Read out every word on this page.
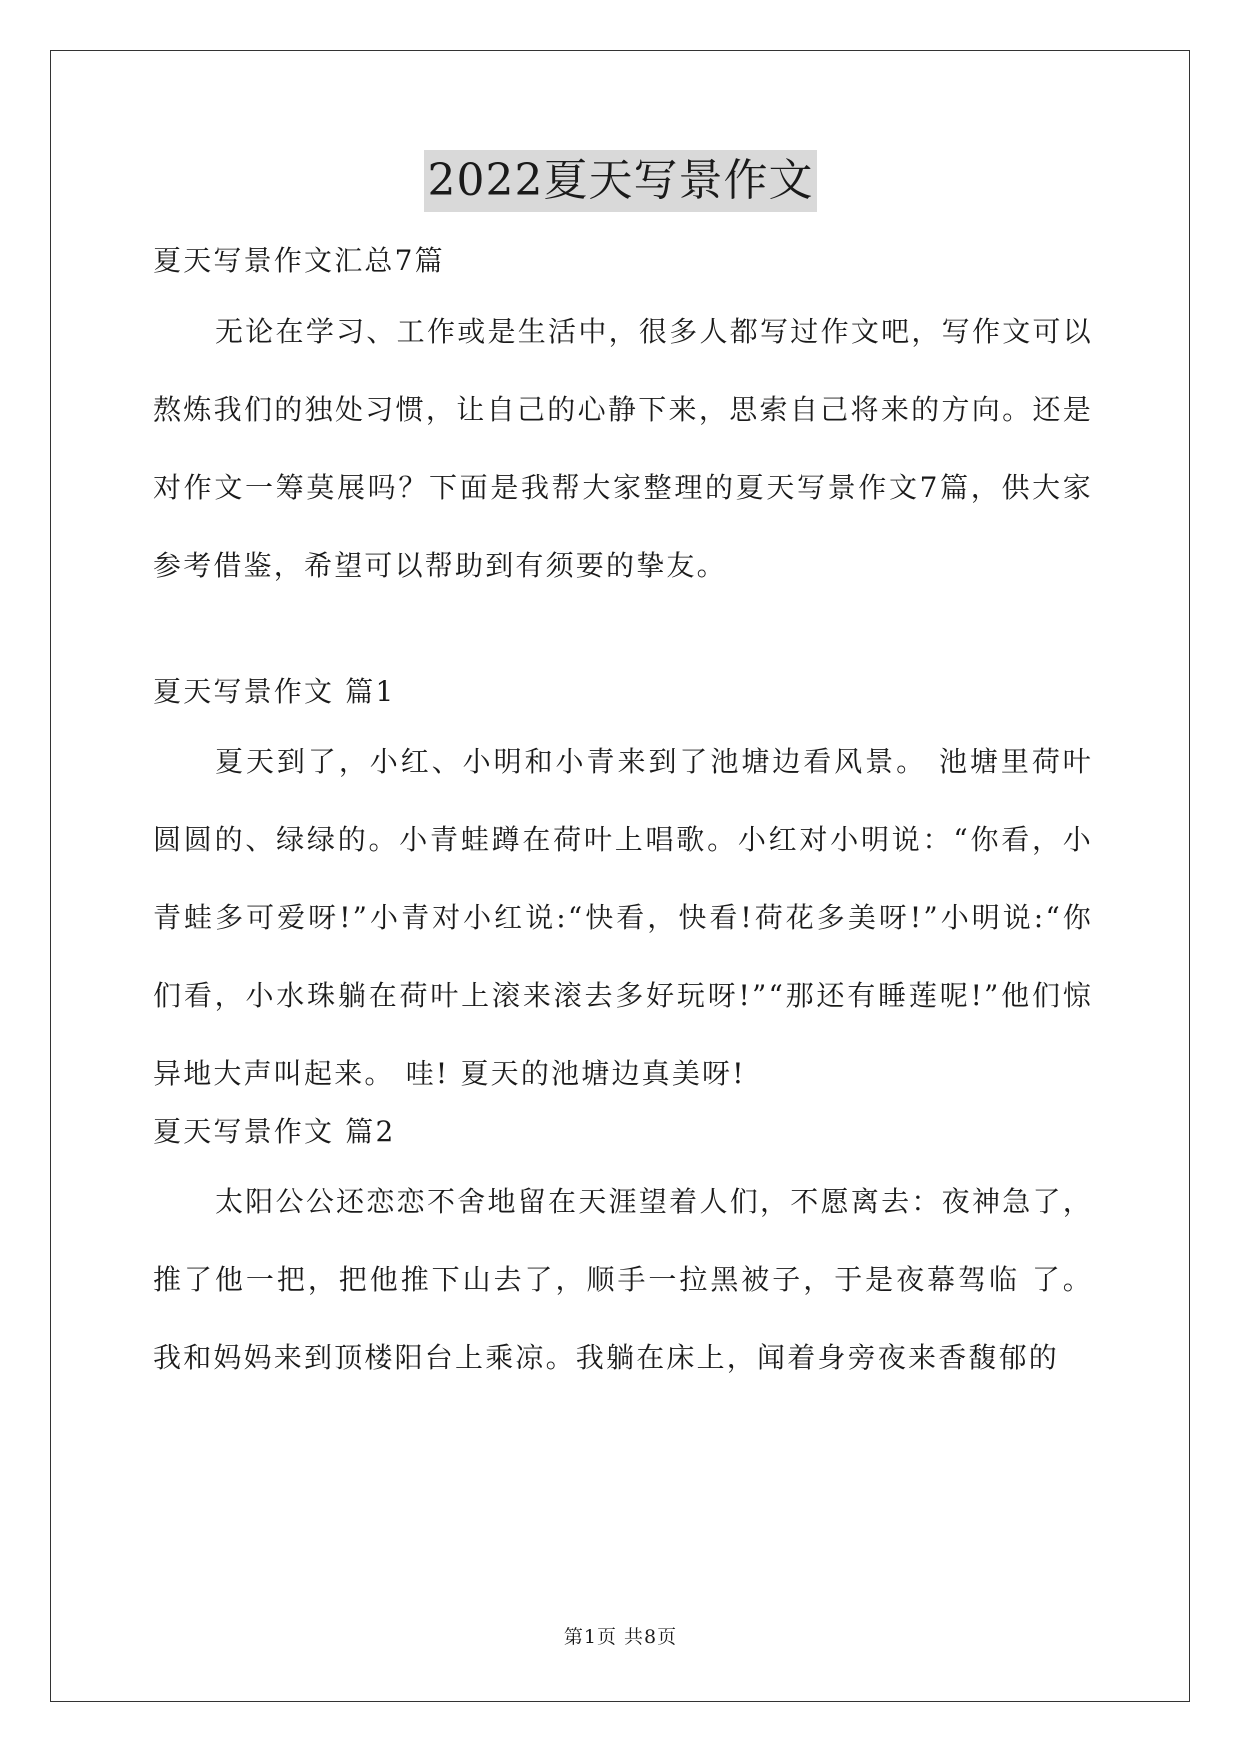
2022夏天写景作文
夏天写景作文汇总7篇
无论在学习、工作或是生活中，很多人都写过作文吧，写作文可以熬炼我们的独处习惯，让自己的心静下来，思索自己将来的方向。还是对作文一筹莫展吗？下面是我帮大家整理的夏天写景作文7篇，供大家参考借鉴，希望可以帮助到有须要的挚友。
夏天写景作文 篇1
夏天到了，小红、小明和小青来到了池塘边看风景。 池塘里荷叶圆圆的、绿绿的。小青蛙蹲在荷叶上唱歌。小红对小明说：“你看，小青蛙多可爱呀!”小青对小红说:“快看，快看!荷花多美呀!”小明说:“你们看，小水珠躺在荷叶上滚来滚去多好玩呀!”“那还有睡莲呢!”他们惊异地大声叫起来。 哇! 夏天的池塘边真美呀!
夏天写景作文 篇2
太阳公公还恋恋不舍地留在天涯望着人们，不愿离去：夜神急了，推了他一把，把他推下山去了，顺手一拉黑被子，于是夜幕驾临 了。我和妈妈来到顶楼阳台上乘凉。我躺在床上，闻着身旁夜来香馥郁的
第1页 共8页
